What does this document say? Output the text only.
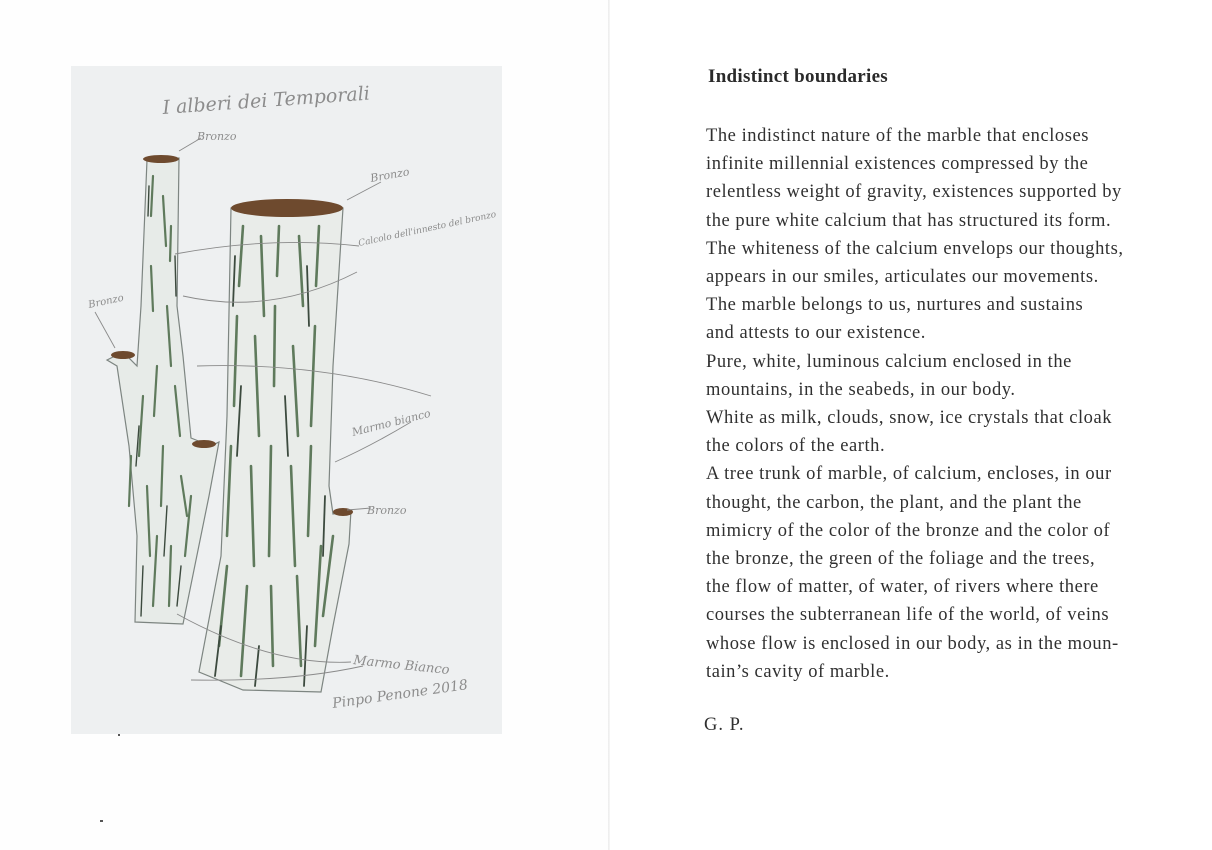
I alberi dei Temporali
Bronzo
Bronzo
Bronzo
Bronzo
Calcolo dell'innesto del bronzo
Marmo bianco
Marmo Bianco
Pinpo Penone 2018
Indistinct boundaries
The indistinct nature of the marble that encloses
infinite millennial existences compressed by the
relentless weight of gravity, existences supported by
the pure white calcium that has structured its form.
The whiteness of the calcium envelops our thoughts,
appears in our smiles, articulates our movements.
The marble belongs to us, nurtures and sustains
and attests to our existence.
Pure, white, luminous calcium enclosed in the
mountains, in the seabeds, in our body.
White as milk, clouds, snow, ice crystals that cloak
the colors of the earth.
A tree trunk of marble, of calcium, encloses, in our
thought, the carbon, the plant, and the plant the
mimicry of the color of the bronze and the color of
the bronze, the green of the foliage and the trees,
the flow of matter, of water, of rivers where there
courses the subterranean life of the world, of veins
whose flow is enclosed in our body, as in the moun-
tain’s cavity of marble.
G. P.
